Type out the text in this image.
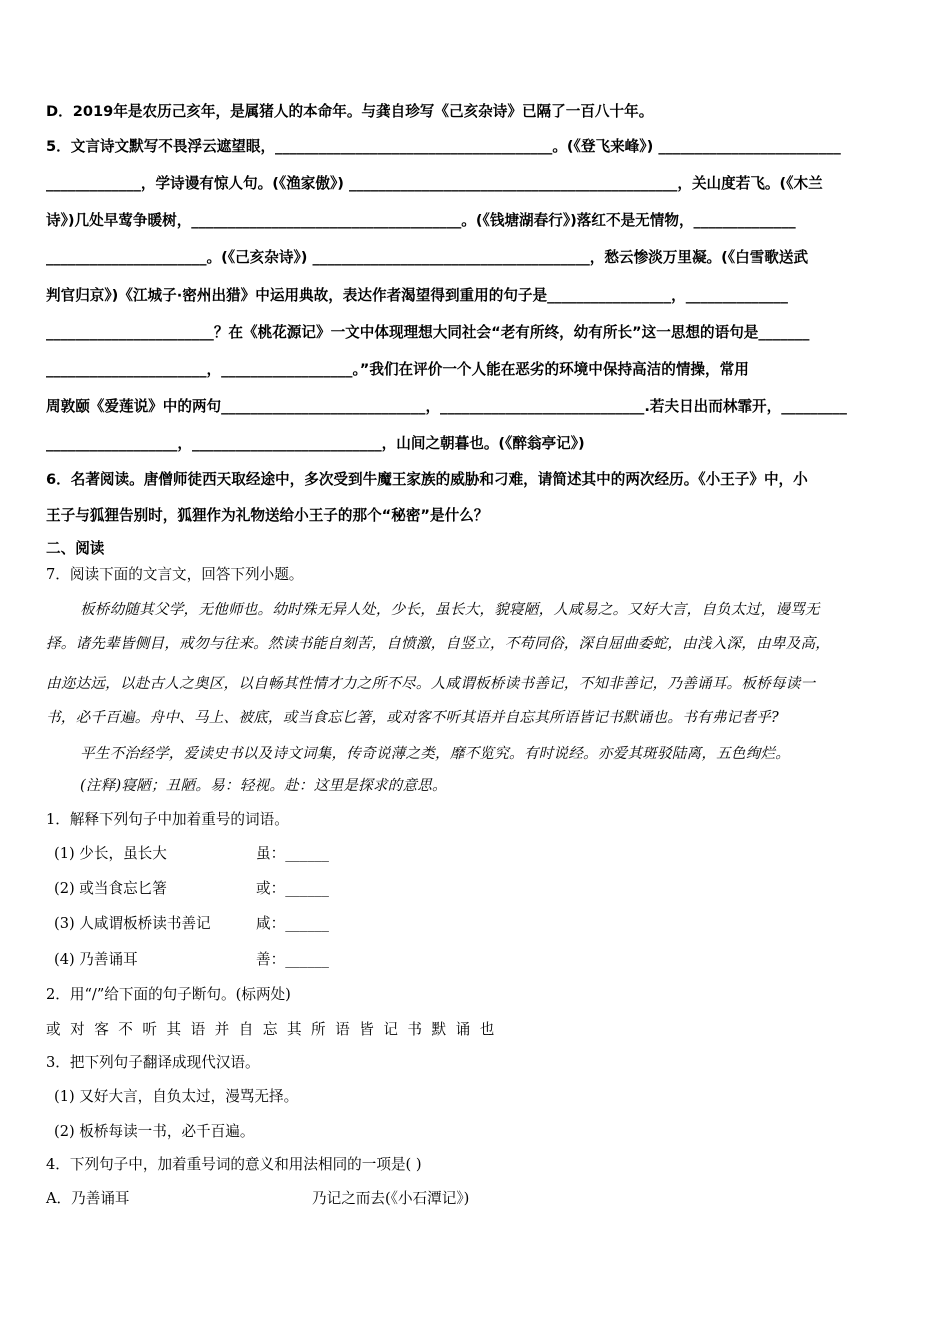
D．2019年是农历己亥年，是属猪人的本命年。与龚自珍写《己亥杂诗》已隔了一百八十年。
5．文言诗文默写不畏浮云遮望眼，______________________________________。(《登飞来峰》) _________________________
_____________，学诗谩有惊人句。(《渔家傲》) _____________________________________________，关山度若飞。(《木兰
诗》)几处早莺争暖树，_____________________________________。(《钱塘湖春行》)落红不是无情物，______________
______________________。(《己亥杂诗》) ______________________________________，愁云惨淡万里凝。(《白雪歌送武
判官归京》)《江城子·密州出猎》中运用典故，表达作者渴望得到重用的句子是_________________，______________
_______________________？在《桃花源记》一文中体现理想大同社会“老有所终，幼有所长”这一思想的语句是_______
______________________，__________________。”我们在评价一个人能在恶劣的环境中保持高洁的情操，常用
周敦颐《爱莲说》中的两句____________________________，____________________________.若夫日出而林霏开，_________
__________________，__________________________，山间之朝暮也。(《醉翁亭记》)
6．名著阅读。唐僧师徒西天取经途中，多次受到牛魔王家族的威胁和刁难，请简述其中的两次经历。《小王子》中，小
王子与狐狸告别时，狐狸作为礼物送给小王子的那个“秘密”是什么？
二、阅读
7．阅读下面的文言文，回答下列小题。
板桥幼随其父学，无他师也。幼时殊无异人处，少长，虽长大，貌寝陋，人咸易之。又好大言，自负太过，谩骂无
择。诸先辈皆侧目，戒勿与往来。然读书能自刻苦，自愤激，自竖立，不苟同俗，深自屈曲委蛇，由浅入深，由卑及高，
由迩达远，以赴古人之奥区，以自畅其性情才力之所不尽。人咸谓板桥读书善记，不知非善记，乃善诵耳。板桥每读一
书，必千百遍。舟中、马上、被底，或当食忘匕箸，或对客不听其语并自忘其所语皆记书默诵也。书有弗记者乎?
平生不治经学，爱读史书以及诗文词集，传奇说薄之类，靡不览究。有时说经。亦爱其斑驳陆离，五色绚烂。
(注释)寝陋；丑陋。易：轻视。赴：这里是探求的意思。
1．解释下列句子中加着重号的词语。
(1) 少长，虽长大	虽：______
(2) 或当食忘匕箸	或：______
(3) 人咸谓板桥读书善记	咸：______
(4) 乃善诵耳	善：______
2．用“/”给下面的句子断句。(标两处)
或对客不听其语并自忘其所语皆记书默诵也
3．把下列句子翻译成现代汉语。
(1) 又好大言，自负太过，漫骂无择。
(2) 板桥每读一书，必千百遍。
4．下列句子中，加着重号词的意义和用法相同的一项是( )
A．乃善诵耳	乃记之而去(《小石潭记》)
